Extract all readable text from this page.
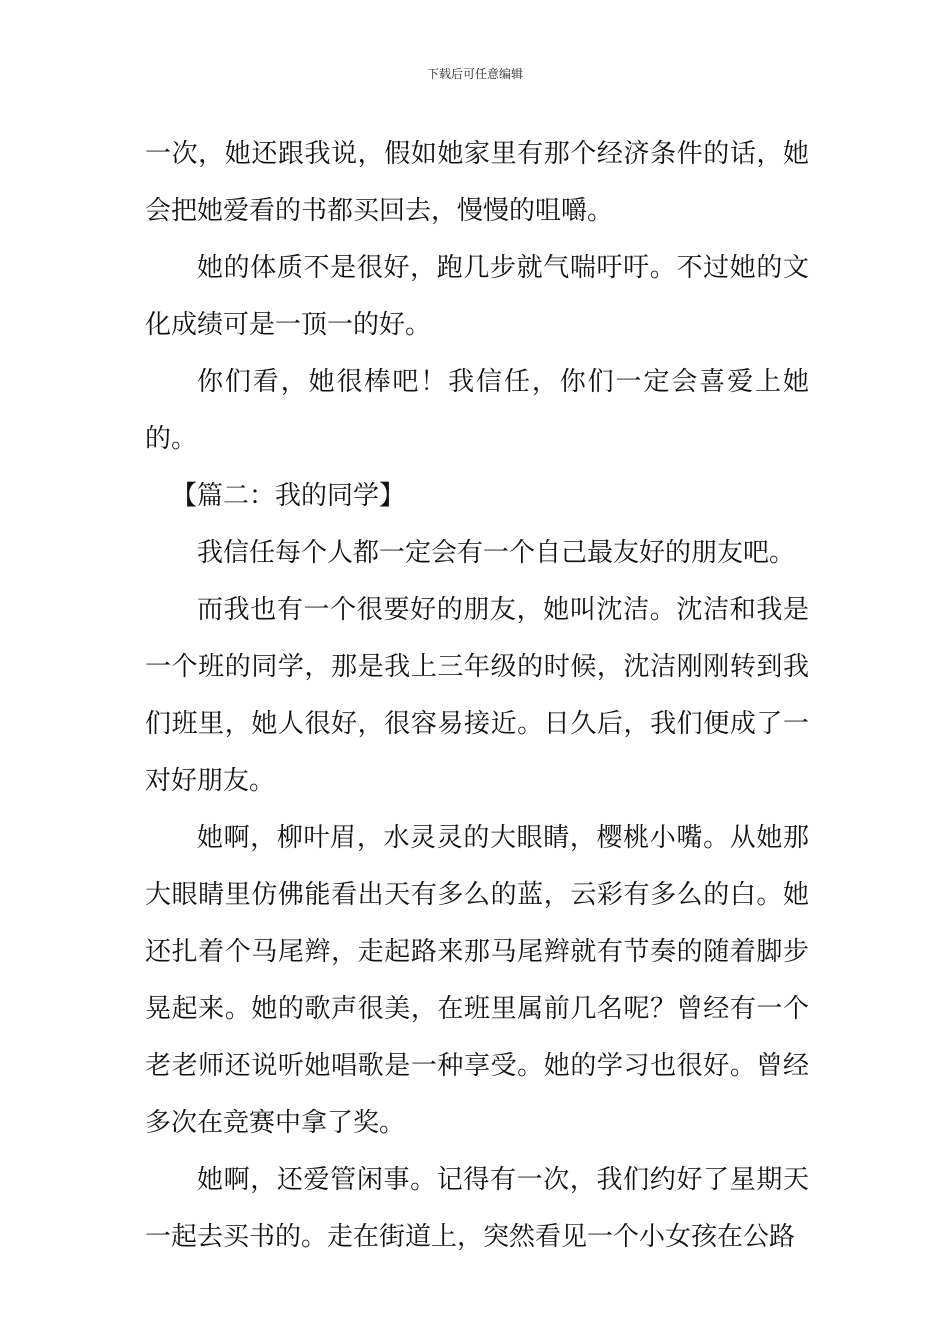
下载后可任意编辑

一次，她还跟我说，假如她家里有那个经济条件的话，她会把她爱看的书都买回去，慢慢的咀嚼。

她的体质不是很好，跑几步就气喘吁吁。不过她的文化成绩可是一顶一的好。

你们看，她很棒吧！我信任，你们一定会喜爱上她的。

【篇二：我的同学】

我信任每个人都一定会有一个自己最友好的朋友吧。

而我也有一个很要好的朋友，她叫沈洁。沈洁和我是一个班的同学，那是我上三年级的时候，沈洁刚刚转到我们班里，她人很好，很容易接近。日久后，我们便成了一对好朋友。

她啊，柳叶眉，水灵灵的大眼睛，樱桃小嘴。从她那大眼睛里仿佛能看出天有多么的蓝，云彩有多么的白。她还扎着个马尾辫，走起路来那马尾辫就有节奏的随着脚步晃起来。她的歌声很美，在班里属前几名呢？曾经有一个老老师还说听她唱歌是一种享受。她的学习也很好。曾经多次在竞赛中拿了奖。

她啊，还爱管闲事。记得有一次，我们约好了星期天一起去买书的。走在街道上，突然看见一个小女孩在公路
